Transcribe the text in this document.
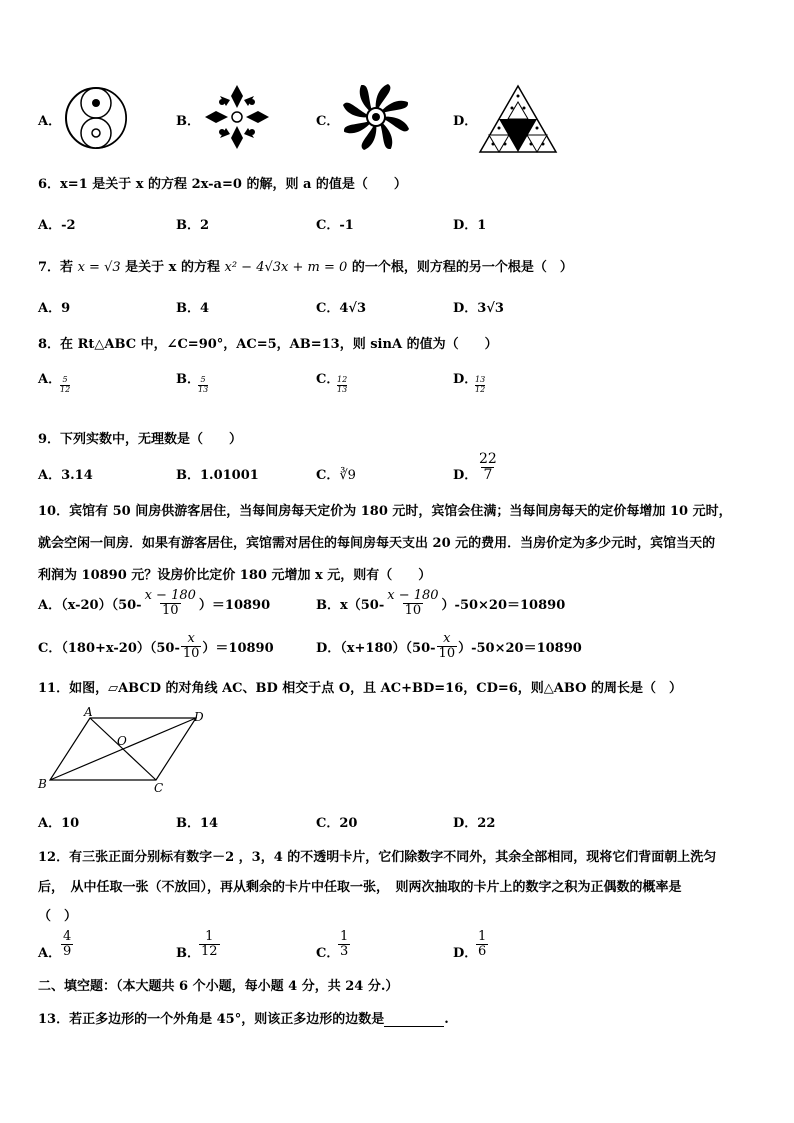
A．	B．	C．	D．
6．x=1 是关于 x 的方程 2x-a=0 的解，则 a 的值是（　　）
A．-2	B．2	C．-1	D．1
7．若 x = √3 是关于 x 的方程 x² − 4√3x + m = 0 的一个根，则方程的另一个根是（　）
A．9	B．4	C．4√3	D．3√3
8．在 Rt△ABC 中，∠C=90°，AC=5，AB=13，则 sinA 的值为（　　）
A．
$\frac{5}{12}$	B．
$\frac{5}{13}$	C．
$\frac{12}{13}$	D．
$\frac{13}{12}$
9．下列实数中，无理数是（　　）
A．3.14	B．1.01001	C．∛9	D． $\frac{22}{7}$
10．宾馆有 50 间房供游客居住，当每间房每天定价为 180 元时，宾馆会住满；当每间房每天的定价每增加 10 元时，
就会空闲一间房．如果有游客居住，宾馆需对居住的每间房每天支出 20 元的费用．当房价定为多少元时，宾馆当天的
利润为 10890 元？设房价比定价 180 元增加 x 元，则有（　　）
A．$(x-20)(50- \frac{x - 180}{10} )=10890$	B．$x(50- \frac{x - 180}{10} )-50\times 20=10890$
C．$(180+x-20)(50- \frac{x}{10} )=10890$	D．$(x+180)(50- \frac{x}{10} )-50\times 20=10890$
11．如图，▱ABCD 的对角线 AC、BD 相交于点 O，且 AC+BD=16，CD=6，则△ABO 的周长是（　）
A	D
B	C
O
A．10	B．14	C．20	D．22
12．有三张正面分别标有数字－2 ，3，4 的不透明卡片，它们除数字不同外，其余全部相同，现将它们背面朝上洗匀
后，　从中任取一张（不放回），再从剩余的卡片中任取一张，　则两次抽取的卡片上的数字之积为正偶数的概率是
（　）
A． $\frac{4}{9}$	B． $\frac{1}{12}$	C．
$\frac{1}{3}$	D．
$\frac{1}{6}$
二、填空题：（本大题共 6 个小题，每小题 4 分，共 24 分.）
13．若正多边形的一个外角是 45°，则该正多边形的边数是	.
